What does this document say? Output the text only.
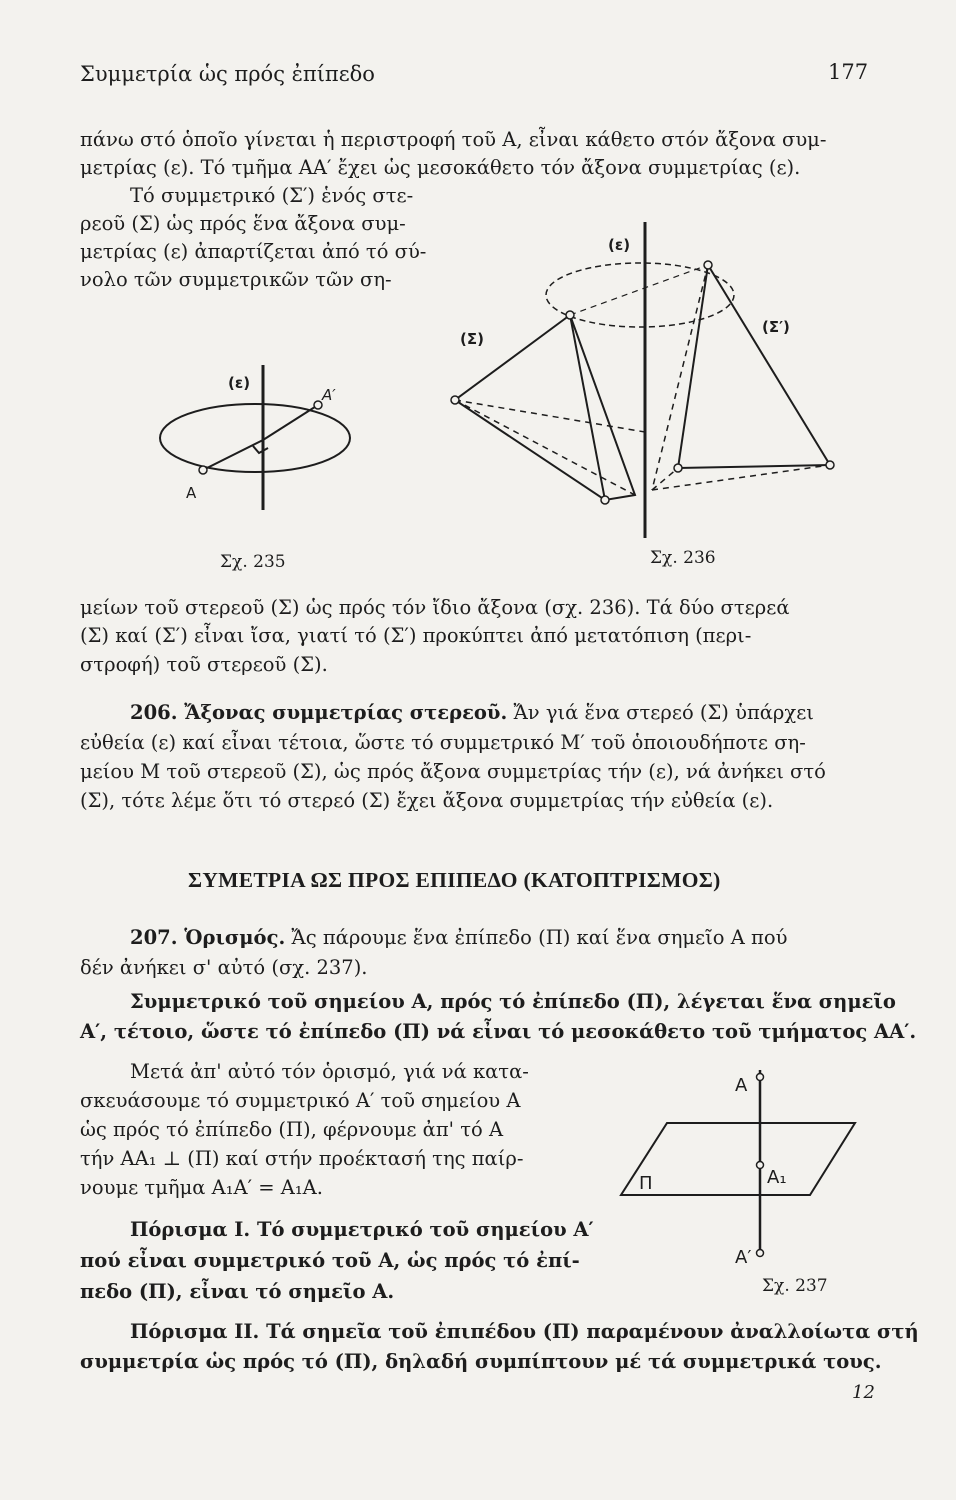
Συμμετρία ὡς πρός ἐπίπεδο	177
πάνω στό ὁποῖο γίνεται ἡ περιστροφή τοῦ Α, εἶναι κάθετο στόν ἄξονα συμ-
μετρίας (ε). Τό τμῆμα ΑΑ′ ἔχει ὡς μεσοκάθετο τόν ἄξονα συμμετρίας (ε).
Τό συμμετρικό (Σ′) ἑνός στε-
ρεοῦ (Σ) ὡς πρός ἕνα ἄξονα συμ-
μετρίας (ε) ἀπαρτίζεται ἀπό τό σύ-
νολο τῶν συμμετρικῶν τῶν ση-
(ε)
A
A′
Σχ. 235
(ε)
(Σ)
(Σ′)
Σχ. 236
μείων τοῦ στερεοῦ (Σ) ὡς πρός τόν ἴδιο ἄξονα (σχ. 236). Τά δύο στερεά
(Σ) καί (Σ′) εἶναι ἴσα, γιατί τό (Σ′) προκύπτει ἀπό μετατόπιση (περι-
στροφή) τοῦ στερεοῦ (Σ).
206. Ἄξονας συμμετρίας στερεοῦ. Ἄν γιά ἕνα στερεό (Σ) ὑπάρχει
εὐθεία (ε) καί εἶναι τέτοια, ὥστε τό συμμετρικό Μ′ τοῦ ὁποιουδήποτε ση-
μείου Μ τοῦ στερεοῦ (Σ), ὡς πρός ἄξονα συμμετρίας τήν (ε), νά ἀνήκει στό
(Σ), τότε λέμε ὅτι τό στερεό (Σ) ἔχει ἄξονα συμμετρίας τήν εὐθεία (ε).
ΣΥΜΕΤΡΙΑ ΩΣ ΠΡΟΣ ΕΠΙΠΕΔΟ (ΚΑΤΟΠΤΡΙΣΜΟΣ)
207. Ὁρισμός. Ἄς πάρουμε ἕνα ἐπίπεδο (Π) καί ἕνα σημεῖο Α πού
δέν ἀνήκει σ' αὐτό (σχ. 237).
Συμμετρικό τοῦ σημείου Α, πρός τό ἐπίπεδο (Π), λέγεται ἕνα σημεῖο
Α′, τέτοιο, ὥστε τό ἐπίπεδο (Π) νά εἶναι τό μεσοκάθετο τοῦ τμήματος ΑΑ′.
Μετά ἀπ' αὐτό τόν ὁρισμό, γιά νά κατα-
σκευάσουμε τό συμμετρικό Α′ τοῦ σημείου Α
ὡς πρός τό ἐπίπεδο (Π), φέρνουμε ἀπ' τό Α
τήν ΑΑ₁ ⊥ (Π) καί στήν προέκτασή της παίρ-
νουμε τμῆμα Α₁Α′ = Α₁Α.
Πόρισμα Ι. Τό συμμετρικό τοῦ σημείου Α′
πού εἶναι συμμετρικό τοῦ Α, ὡς πρός τό ἐπί-
πεδο (Π), εἶναι τό σημεῖο Α.
A
A₁
A′
Π
Σχ. 237
Πόρισμα ΙΙ. Τά σημεῖα τοῦ ἐπιπέδου (Π) παραμένουν ἀναλλοίωτα στή
συμμετρία ὡς πρός τό (Π), δηλαδή συμπίπτουν μέ τά συμμετρικά τους.
12
